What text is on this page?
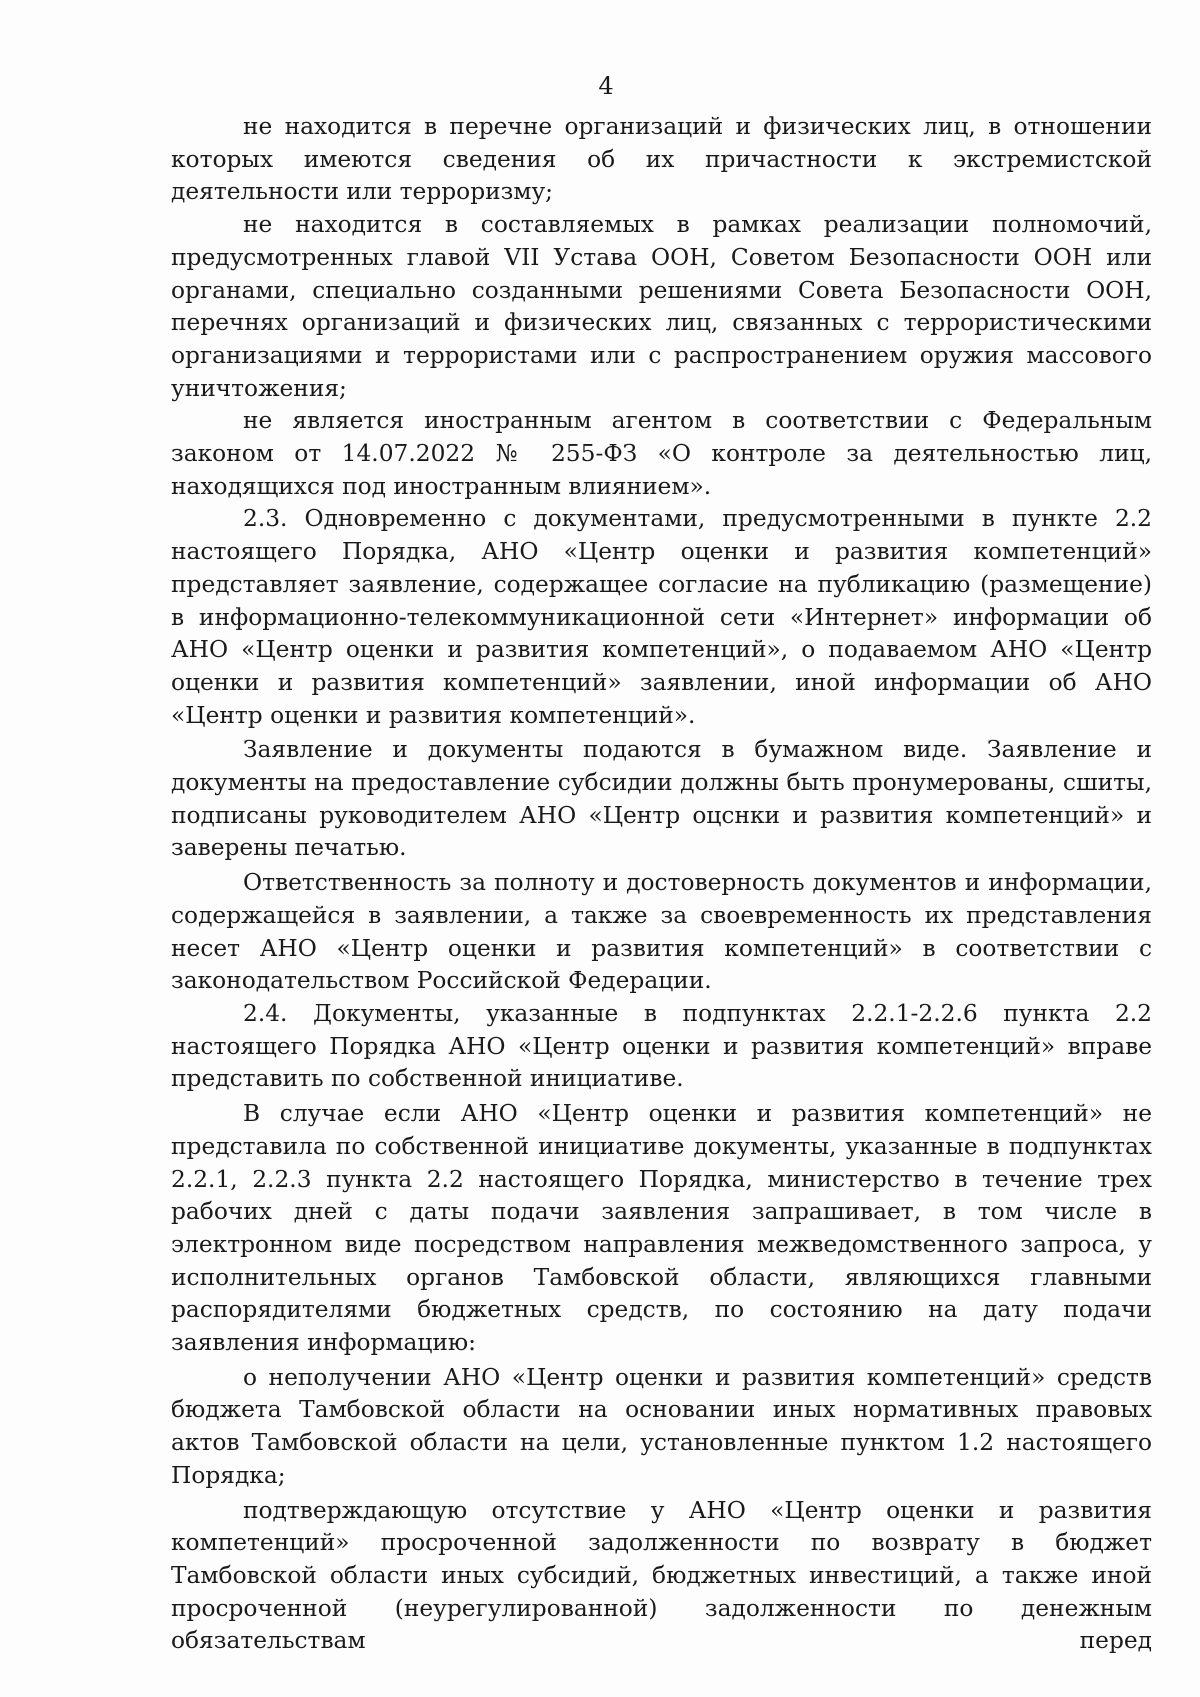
4

не находится в перечне организаций и физических лиц, в отношении которых имеются сведения об их причастности к экстремистской деятельности или терроризму;

не находится в составляемых в рамках реализации полномочий, предусмотренных главой VII Устава ООН, Советом Безопасности ООН или органами, специально созданными решениями Совета Безопасности ООН, перечнях организаций и физических лиц, связанных с террористическими организациями и террористами или с распространением оружия массового уничтожения;

не является иностранным агентом в соответствии с Федеральным законом от 14.07.2022 № 255-ФЗ «О контроле за деятельностью лиц, находящихся под иностранным влиянием».

2.3. Одновременно с документами, предусмотренными в пункте 2.2 настоящего Порядка, АНО «Центр оценки и развития компетенций» представляет заявление, содержащее согласие на публикацию (размещение) в информационно-телекоммуникационной сети «Интернет» информации об АНО «Центр оценки и развития компетенций», о подаваемом АНО «Центр оценки и развития компетенций» заявлении, иной информации об АНО «Центр оценки и развития компетенций».

Заявление и документы подаются в бумажном виде. Заявление и документы на предоставление субсидии должны быть пронумерованы, сшиты, подписаны руководителем АНО «Центр оцснки и развития компетенций» и заверены печатью.

Ответственность за полноту и достоверность документов и информации, содержащейся в заявлении, а также за своевременность их представления несет АНО «Центр оценки и развития компетенций» в соответствии с законодательством Российской Федерации.

2.4. Документы, указанные в подпунктах 2.2.1-2.2.6 пункта 2.2 настоящего Порядка АНО «Центр оценки и развития компетенций» вправе представить по собственной инициативе.

В случае если АНО «Центр оценки и развития компетенций» не представила по собственной инициативе документы, указанные в подпунктах 2.2.1, 2.2.3 пункта 2.2 настоящего Порядка, министерство в течение трех рабочих дней с даты подачи заявления запрашивает, в том числе в электронном виде посредством направления межведомственного запроса, у исполнительных органов Тамбовской области, являющихся главными распорядителями бюджетных средств, по состоянию на дату подачи заявления информацию:

о неполучении АНО «Центр оценки и развития компетенций» средств бюджета Тамбовской области на основании иных нормативных правовых актов Тамбовской области на цели, установленные пунктом 1.2 настоящего Порядка;

подтверждающую отсутствие у АНО «Центр оценки и развития компетенций» просроченной задолженности по возврату в бюджет Тамбовской области иных субсидий, бюджетных инвестиций, а также иной просроченной (неурегулированной) задолженности по денежным обязательствам перед
